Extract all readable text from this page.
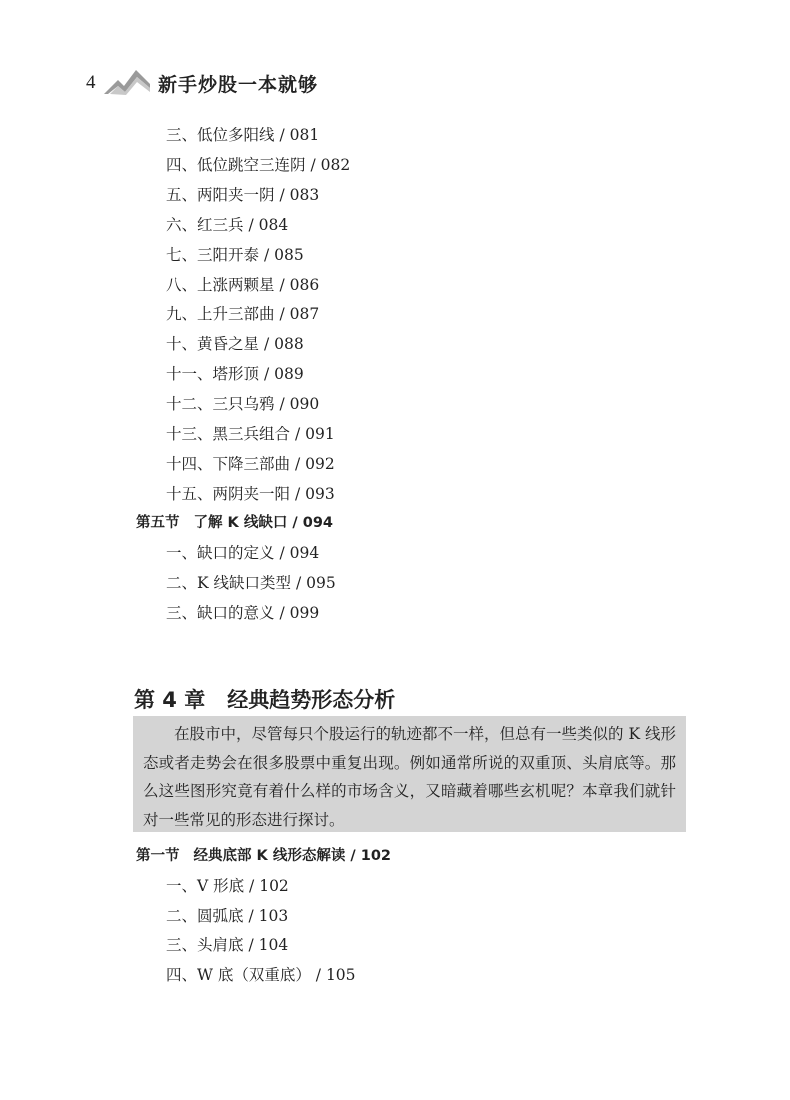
4	新手炒股一本就够
三、低位多阳线 / 081
四、低位跳空三连阴 / 082
五、两阳夹一阴 / 083
六、红三兵 / 084
七、三阳开泰 / 085
八、上涨两颗星 / 086
九、上升三部曲 / 087
十、黄昏之星 / 088
十一、塔形顶 / 089
十二、三只乌鸦 / 090
十三、黑三兵组合 / 091
十四、下降三部曲 / 092
十五、两阴夹一阳 / 093
第五节 了解 K 线缺口 / 094
一、缺口的定义 / 094
二、K 线缺口类型 / 095
三、缺口的意义 / 099
第 4 章 经典趋势形态分析
在股市中，尽管每只个股运行的轨迹都不一样，但总有一些类似的 K 线形态或者走势会在很多股票中重复出现。例如通常所说的双重顶、头肩底等。那么这些图形究竟有着什么样的市场含义，又暗藏着哪些玄机呢？本章我们就针对一些常见的形态进行探讨。
第一节 经典底部 K 线形态解读 / 102
一、V 形底 / 102
二、圆弧底 / 103
三、头肩底 / 104
四、W 底（双重底） / 105
